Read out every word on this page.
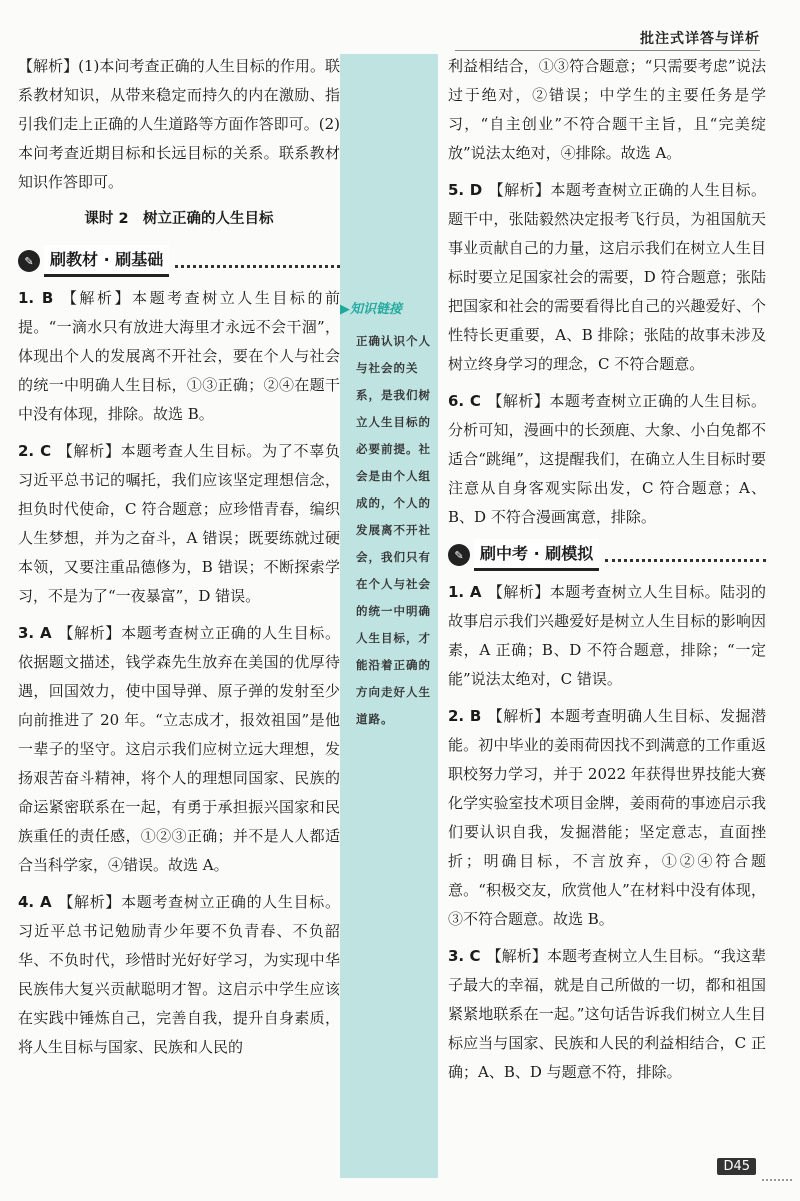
批注式详答与详析
▶知识链接
正确认识个人与社会的关系，是我们树立人生目标的必要前提。社会是由个人组成的，个人的发展离不开社会，我们只有在个人与社会的统一中明确人生目标，才能沿着正确的方向走好人生道路。

【解析】(1)本问考查正确的人生目标的作用。联系教材知识，从带来稳定而持久的内在激励、指引我们走上正确的人生道路等方面作答即可。(2)本问考查近期目标和长远目标的关系。联系教材知识作答即可。

课时 2　树立正确的人生目标
✎	刷教材 · 刷基础

1. B 【解析】本题考查树立人生目标的前提。“一滴水只有放进大海里才永远不会干涸”，体现出个人的发展离不开社会，要在个人与社会的统一中明确人生目标，①③正确；②④在题干中没有体现，排除。故选 B。

2. C 【解析】本题考查人生目标。为了不辜负习近平总书记的嘱托，我们应该坚定理想信念，担负时代使命，C 符合题意；应珍惜青春，编织人生梦想，并为之奋斗，A 错误；既要练就过硬本领，又要注重品德修为，B 错误；不断探索学习，不是为了“一夜暴富”，D 错误。

3. A 【解析】本题考查树立正确的人生目标。依据题文描述，钱学森先生放弃在美国的优厚待遇，回国效力，使中国导弹、原子弹的发射至少向前推进了 20 年。“立志成才，报效祖国”是他一辈子的坚守。这启示我们应树立远大理想，发扬艰苦奋斗精神，将个人的理想同国家、民族的命运紧密联系在一起，有勇于承担振兴国家和民族重任的责任感，①②③正确；并不是人人都适合当科学家，④错误。故选 A。

4. A 【解析】本题考查树立正确的人生目标。习近平总书记勉励青少年要不负青春、不负韶华、不负时代，珍惜时光好好学习，为实现中华民族伟大复兴贡献聪明才智。这启示中学生应该在实践中锤炼自己，完善自我，提升自身素质，将人生目标与国家、民族和人民的

利益相结合，①③符合题意；“只需要考虑”说法过于绝对，②错误；中学生的主要任务是学习，“自主创业”不符合题干主旨，且“完美绽放”说法太绝对，④排除。故选 A。

5. D 【解析】本题考查树立正确的人生目标。题干中，张陆毅然决定报考飞行员，为祖国航天事业贡献自己的力量，这启示我们在树立人生目标时要立足国家社会的需要，D 符合题意；张陆把国家和社会的需要看得比自己的兴趣爱好、个性特长更重要，A、B 排除；张陆的故事未涉及树立终身学习的理念，C 不符合题意。

6. C 【解析】本题考查树立正确的人生目标。分析可知，漫画中的长颈鹿、大象、小白兔都不适合“跳绳”，这提醒我们，在确立人生目标时要注意从自身客观实际出发，C 符合题意；A、B、D 不符合漫画寓意，排除。

✎	刷中考 · 刷模拟

1. A 【解析】本题考查树立人生目标。陆羽的故事启示我们兴趣爱好是树立人生目标的影响因素，A 正确；B、D 不符合题意，排除；“一定能”说法太绝对，C 错误。

2. B 【解析】本题考查明确人生目标、发掘潜能。初中毕业的姜雨荷因找不到满意的工作重返职校努力学习，并于 2022 年获得世界技能大赛化学实验室技术项目金牌，姜雨荷的事迹启示我们要认识自我，发掘潜能；坚定意志，直面挫折；明确目标，不言放弃，①②④符合题意。“积极交友，欣赏他人”在材料中没有体现，③不符合题意。故选 B。

3. C 【解析】本题考查树立人生目标。“我这辈子最大的幸福，就是自己所做的一切，都和祖国紧紧地联系在一起。”这句话告诉我们树立人生目标应当与国家、民族和人民的利益相结合，C 正确；A、B、D 与题意不符，排除。

D45
